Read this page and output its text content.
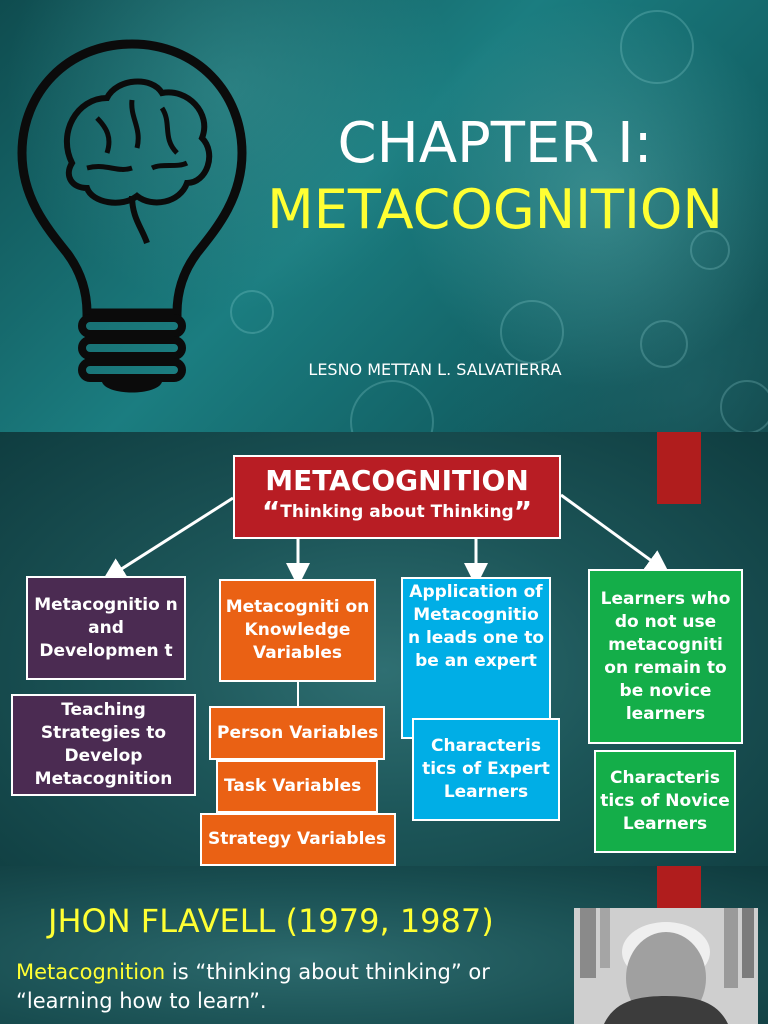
CHAPTER I:
METACOGNITION
LESNO METTAN L. SALVATIERRA
METACOGNITION
“Thinking about Thinking”
Metacognitio n and Developmen t
Teaching Strategies to Develop Metacognition
Metacogniti on Knowledge Variables
Person Variables
Task Variables
Strategy Variables
Application of Metacognitio n leads one to be an expert
Characteris tics of Expert Learners
Learners who do not use metacogniti on remain to be novice learners
Characteris tics of Novice Learners
JHON FLAVELL (1979, 1987)
Metacognition is “thinking about thinking” or “learning how to learn”.
